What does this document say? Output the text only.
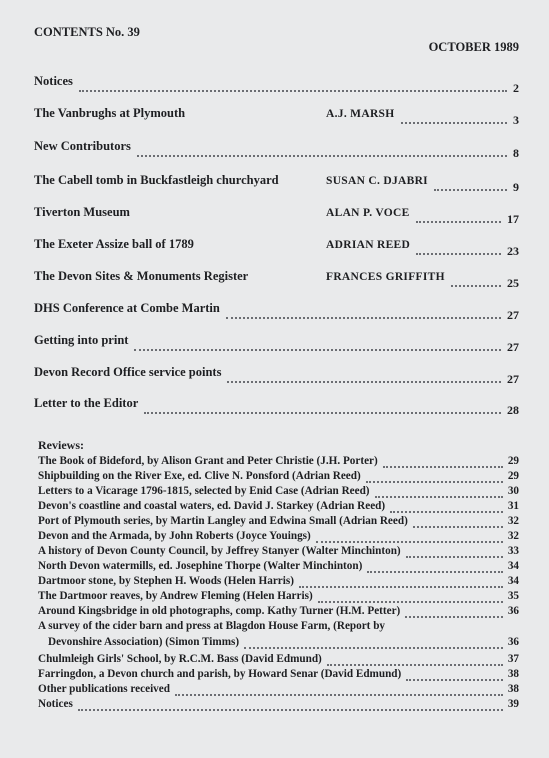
CONTENTS No. 39
OCTOBER 1989
Notices	2
The Vanbrughs at Plymouth	A.J. MARSH	3
New Contributors	8
The Cabell tomb in Buckfastleigh churchyard	SUSAN C. DJABRI	9
Tiverton Museum	ALAN P. VOCE	17
The Exeter Assize ball of 1789	ADRIAN REED	23
The Devon Sites & Monuments Register	FRANCES GRIFFITH	25
DHS Conference at Combe Martin	27
Getting into print	27
Devon Record Office service points	27
Letter to the Editor	28
Reviews:
The Book of Bideford, by Alison Grant and Peter Christie (J.H. Porter)	29
Shipbuilding on the River Exe, ed. Clive N. Ponsford (Adrian Reed)	29
Letters to a Vicarage 1796-1815, selected by Enid Case (Adrian Reed)	30
Devon's coastline and coastal waters, ed. David J. Starkey (Adrian Reed)	31
Port of Plymouth series, by Martin Langley and Edwina Small (Adrian Reed)	32
Devon and the Armada, by John Roberts (Joyce Youings)	32
A history of Devon County Council, by Jeffrey Stanyer (Walter Minchinton)	33
North Devon watermills, ed. Josephine Thorpe (Walter Minchinton)	34
Dartmoor stone, by Stephen H. Woods (Helen Harris)	34
The Dartmoor reaves, by Andrew Fleming (Helen Harris)	35
Around Kingsbridge in old photographs, comp. Kathy Turner (H.M. Petter)	36
A survey of the cider barn and press at Blagdon House Farm, (Report by
Devonshire Association) (Simon Timms)	36
Chulmleigh Girls' School, by R.C.M. Bass (David Edmund)	37
Farringdon, a Devon church and parish, by Howard Senar (David Edmund)	38
Other publications received	38
Notices	39
